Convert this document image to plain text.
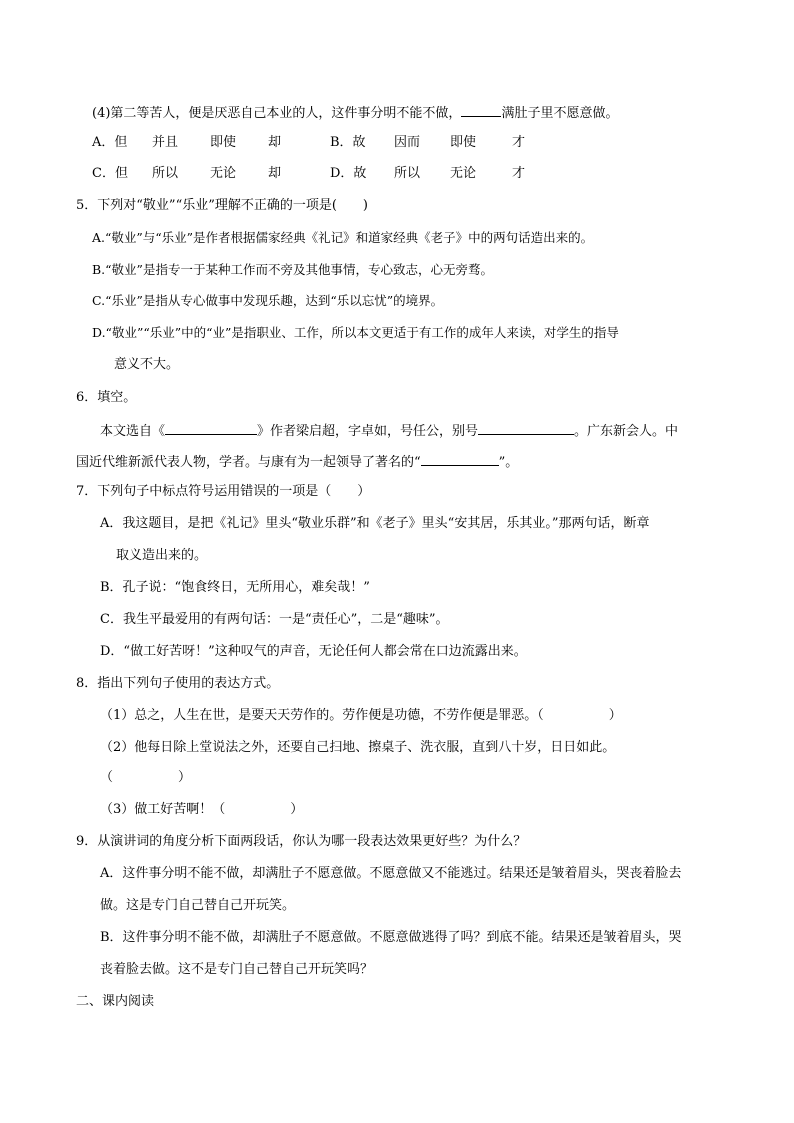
(4)第二等苦人，便是厌恶自己本业的人，这件事分明不能不做，	满肚子里不愿意做。
A．但 并且 即使 却	B．故 因而 即使	才
C．但 所以 无论 却	D．故 所以 无论	才
5．下列对“敬业”“乐业”理解不正确的一项是(　　)
A.“敬业”与“乐业”是作者根据儒家经典《礼记》和道家经典《老子》中的两句话造出来的。
B.“敬业”是指专一于某种工作而不旁及其他事情，专心致志，心无旁骛。
C.“乐业”是指从专心做事中发现乐趣，达到“乐以忘忧”的境界。
D.“敬业”“乐业”中的“业”是指职业、工作，所以本文更适于有工作的成年人来读，对学生的指导
意义不大。
6．填空。
本文选自《	》作者梁启超，字卓如，号任公，别号	。广东新会人。中
国近代维新派代表人物，学者。与康有为一起领导了著名的“	”。
7．下列句子中标点符号运用错误的一项是（　　）
A．我这题目，是把《礼记》里头“敬业乐群”和《老子》里头“安其居，乐其业。”那两句话，断章
取义造出来的。
B．孔子说：“饱食终日，无所用心，难矣哉！”
C．我生平最爱用的有两句话：一是“责任心”，二是“趣味”。
D．“做工好苦呀！”这种叹气的声音，无论任何人都会常在口边流露出来。
8．指出下列句子使用的表达方式。
（1）总之，人生在世，是要天天劳作的。劳作便是功德，不劳作便是罪恶。（　　　　　）
（2）他每日除上堂说法之外，还要自己扫地、擦桌子、洗衣服，直到八十岁，日日如此。
（　　　　　）
（3）做工好苦啊！（　　　　　）
9．从演讲词的角度分析下面两段话，你认为哪一段表达效果更好些？为什么？
A．这件事分明不能不做，却满肚子不愿意做。不愿意做又不能逃过。结果还是皱着眉头，哭丧着脸去
做。这是专门自己替自己开玩笑。
B．这件事分明不能不做，却满肚子不愿意做。不愿意做逃得了吗？到底不能。结果还是皱着眉头，哭
丧着脸去做。这不是专门自己替自己开玩笑吗？
二、课内阅读
